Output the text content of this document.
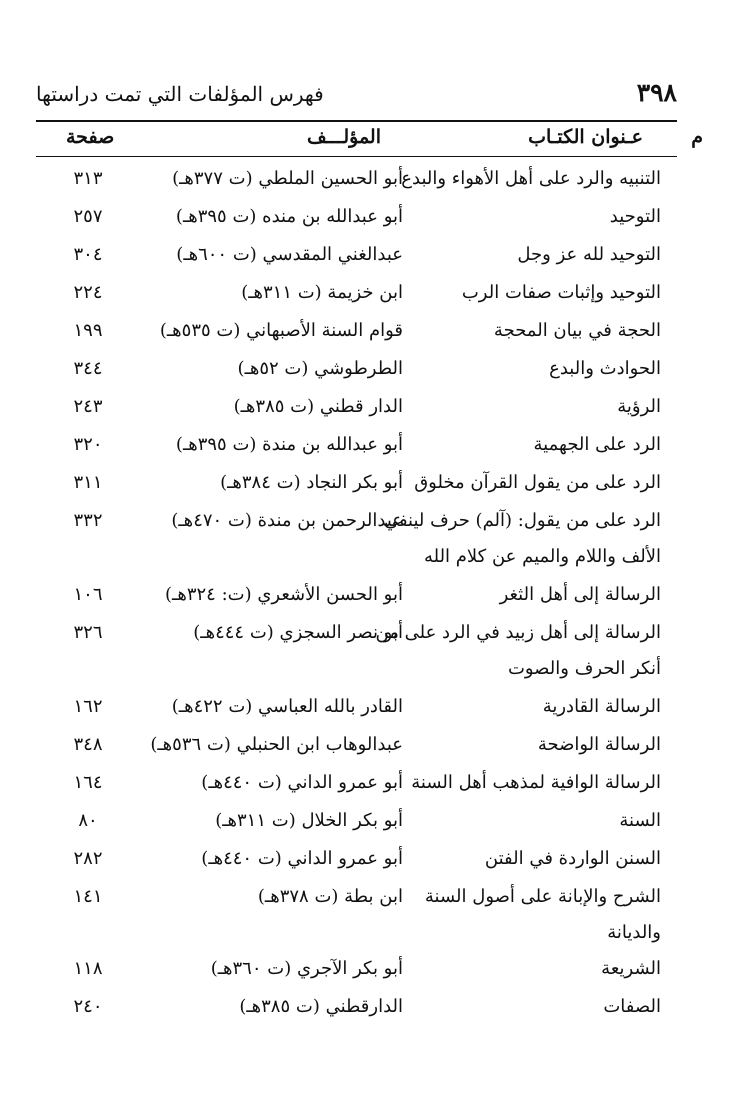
٣٩٨
فهرس المؤلفات التي تمت دراستها
م
عـنوان الكتـاب
المؤلـــف
صفحة
التنبيه والرد على أهل الأهواء والبدع
أبو الحسين الملطي (ت ٣٧٧هـ)
٣١٣
التوحيد
أبو عبدالله بن منده (ت ٣٩٥هـ)
٢٥٧
التوحيد لله عز وجل
عبدالغني المقدسي (ت ٦٠٠هـ)
٣٠٤
التوحيد وإثبات صفات الرب
ابن خزيمة (ت ٣١١هـ)
٢٢٤
الحجة في بيان المحجة
قوام السنة الأصبهاني (ت ٥٣٥هـ)
١٩٩
الحوادث والبدع
الطرطوشي (ت ٥٢هـ)
٣٤٤
الرؤية
الدار قطني (ت ٣٨٥هـ)
٢٤٣
الرد على الجهمية
أبو عبدالله بن مندة (ت ٣٩٥هـ)
٣٢٠
الرد على من يقول القرآن مخلوق
أبو بكر النجاد (ت ٣٨٤هـ)
٣١١
الرد على من يقول: (آلم) حرف لينفي
الألف واللام والميم عن كلام الله
عبدالرحمن بن مندة (ت ٤٧٠هـ)
٣٣٢
الرسالة إلى أهل الثغر
أبو الحسن الأشعري (ت: ٣٢٤هـ)
١٠٦
الرسالة إلى أهل زبيد في الرد على من
أنكر الحرف والصوت
أبو نصر السجزي (ت ٤٤٤هـ)
٣٢٦
الرسالة القادرية
القادر بالله العباسي (ت ٤٢٢هـ)
١٦٢
الرسالة الواضحة
عبدالوهاب ابن الحنبلي (ت ٥٣٦هـ)
٣٤٨
الرسالة الوافية لمذهب أهل السنة
أبو عمرو الداني (ت ٤٤٠هـ)
١٦٤
السنة
أبو بكر الخلال (ت ٣١١هـ)
٨٠
السنن الواردة في الفتن
أبو عمرو الداني (ت ٤٤٠هـ)
٢٨٢
الشرح والإبانة على أصول السنة
والديانة
ابن بطة (ت ٣٧٨هـ)
١٤١
الشريعة
أبو بكر الآجري (ت ٣٦٠هـ)
١١٨
الصفات
الدارقطني (ت ٣٨٥هـ)
٢٤٠
